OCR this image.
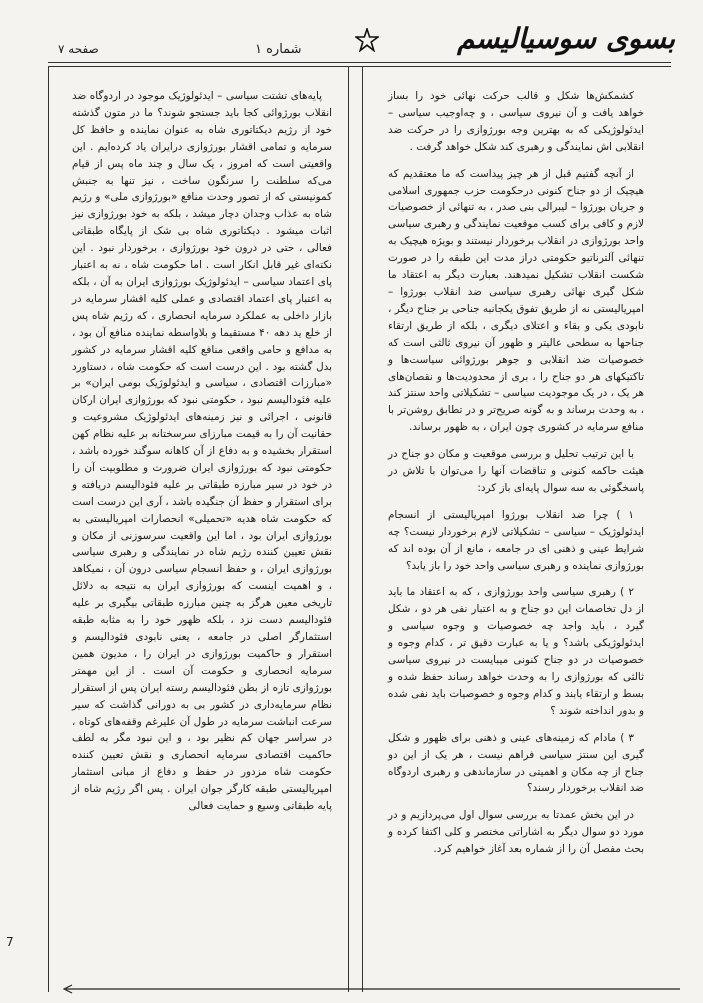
صفحه ۷	شماره ۱	بسوی سوسیالیسم
کشمکش‌ها شکل و قالب حرکت نهائی خود را بساز خواهد یافت و آن نیروی سیاسی ، و چه‌اوجیب سیاسی – ایدئولوژیکی که به بهترین وجه بورژوازی را در حرکت ضد انقلابی اش نمایندگی و رهبری کند شکل خواهد گرفت .
از آنچه گفتیم قبل از هر چیز پیداست که ما معتقدیم که هیچیک از دو جناح کنونی درحکومت حزب جمهوری اسلامی و جریان بورژوا – لیبرالی بنی صدر ، به تنهائی از خصوصیات لازم و کافی برای کسب موقعیت نمایندگی و رهبری سیاسی واحد بورژوازی در انقلاب برخوردار نیستند و بویژه هیچیک به تنهائی آلترناتیو حکومتی دراز مدت این طبقه را در صورت شکست انقلاب تشکیل نمیدهند. بعبارت دیگر به اعتقاد ما شکل گیری نهائی رهبری سیاسی ضد انقلاب بورژوا – امپریالیستی نه از طریق تفوق یکجانبه جناحی بر جناح دیگر ، نابودی یکی و بقاء و اعتلای دیگری ، بلکه از طریق ارتقاء جناحها به سطحی عالیتر و ظهور آن نیروی ثالثی است که خصوصیات ضد انقلابی و جوهر بورژوائی سیاست‌ها و تاکتیکهای هر دو جناح را ، بری از محدودیت‌ها و نقصان‌های هر یک ، در یک موجودیت سیاسی – تشکیلاتی واحد سنتز کند ، به وحدت برساند و به گونه صریح‌تر و در تطابق روشن‌تر با منافع سرمایه در کشوری چون ایران ، به ظهور برساند.
با این ترتیب تحلیل و بررسی موقعیت و مکان دو جناح در هیئت حاکمه کنونی و تناقضات آنها را می‌توان با تلاش در پاسخگوئی به سه سوال پایه‌ای باز کرد:
۱ ) چرا ضد انقلاب بورژوا امپریالیستی از انسجام ایدئولوژیک – سیاسی – تشکیلاتی لازم برخوردار نیست؟ چه شرایط عینی و ذهنی ای در جامعه ، مانع از آن بوده اند که بورژوازی نماینده و رهبری سیاسی واحد خود را باز یابد؟
۲ ) رهبری سیاسی واحد بورژوازی ، که به اعتقاد ما باید از دل تخاصمات این دو جناح و به اعتبار نفی هر دو ، شکل گیرد ، باید واجد چه خصوصیات و وجوه سیاسی و ایدئولوژیکی باشد؟ و یا به عبارت دقیق تر ، کدام وجوه و خصوصیات در دو جناح کنونی میبایست در نیروی سیاسی ثالثی که بورژوازی را به وحدت خواهد رساند حفظ شده و بسط و ارتقاء یابند و کدام وجوه و خصوصیات باید نفی شده و بدور انداخته شوند ؟
۳ ) مادام که زمینه‌های عینی و ذهنی برای ظهور و شکل گیری این سنتز سیاسی فراهم نیست ، هر یک از این دو جناح از چه مکان و اهمیتی در سازماندهی و رهبری اردوگاه ضد انقلاب برخوردار رسند؟
در این بخش عمدتا به بررسی سوال اول می‌پردازیم و در مورد دو سوال دیگر به اشاراتی مختصر و کلی اکتفا کرده و بحث مفصل آن را از شماره بعد آغاز خواهیم کرد.
پایه‌های تشتت سیاسی – ایدئولوژیک موجود در اردوگاه ضد انقلاب بورژوائی کجا باید جستجو شوند؟ ما در متون گذشته خود از رژیم دیکتاتوری شاه به عنوان نماینده و حافظ کل سرمایه و تمامی اقشار بورژوازی درایران یاد کرده‌ایم . این واقعیتی است که امروز ، یک سال و چند ماه پس از قیام می‌که سلطنت را سرنگون ساخت ، نیز تنها به جنبش کمونیستی که از تصور وحدت منافع «بورژوازی ملی» و رژیم شاه به عذاب وجدان دچار میشد ، بلکه به خود بورژوازی نیز اثبات میشود . دیکتاتوری شاه بی شک از پایگاه طبقاتی فعالی ، حتی در درون خود بورژوازی ، برخوردار نبود . این نکته‌ای غیر قابل انکار است . اما حکومت شاه ، نه به اعتبار پای اعتماد سیاسی – ایدئولوژیک بورژوازی ایران به آن ، بلکه به اعتبار پای اعتماد اقتصادی و عملی کلیه اقشار سرمایه در بازار داخلی به عملکرد سرمایه انحصاری ، که رژیم شاه پس از خلع ید دهه ۴۰ مستقیما و بلاواسطه نماینده منافع آن بود ، به مدافع و حامی واقعی منافع کلیه اقشار سرمایه در کشور بدل گشته بود . این درست است که حکومت شاه ، دستاورد «مبارزات اقتصادی ، سیاسی و ایدئولوژیک بومی ایران» بر علیه فئودالیسم نبود ، حکومتی نبود که بورژوازی ایران ارکان قانونی ، اجرائی و نیز زمینه‌های ایدئولوژیک مشروعیت و حقانیت آن را به قیمت مبارزای سرسختانه بر علیه نظام کهن استقرار بخشیده و به دفاع از آن کاهانه سوگند خورده باشد ، حکومتی نبود که بورژوازی ایران ضرورت و مطلوبیت آن را در خود در سیر مبارزه طبقاتی بر علیه فئودالیسم دریافته و برای استقرار و حفظ آن جنگیده باشد ، آری این درست است که حکومت شاه هدیه «تحمیلی» انحصارات امپریالیستی به بورژوازی ایران بود ، اما این واقعیت سرسوزنی از مکان و نقش تعیین کننده رژیم شاه در نمایندگی و رهبری سیاسی بورژوازی ایران ، و حفظ انسجام سیاسی درون آن ، نمیکاهد ، و اهمیت اینست که بورژوازی ایران به نتیجه به دلائل تاریخی معین هرگز به چنین مبارزه طبقاتی بیگیری بر علیه فئودالیسم دست نزد ، بلکه ظهور خود را به مثابه طبقه استثمارگر اصلی در جامعه ، یعنی نابودی فئودالیسم و استقرار و حاکمیت بورژوازی در ایران را ، مدیون همین سرمایه انحصاری و حکومت آن است . از این مهمتر بورژوازی تازه از بطن فئودالیسم رسته ایران پس از استقرار نظام سرمایه‌داری در کشور بی به دورانی گذاشت که سیر سرعت انباشت سرمایه در طول آن علیرغم وقفه‌های کوتاه ، در سراسر جهان کم نظیر بود ، و این نبود مگر به لطف حاکمیت اقتصادی سرمایه انحصاری و نقش تعیین کننده حکومت شاه مزدور در حفظ و دفاع از مبانی استثمار امپریالیستی طبقه کارگر جوان ایران . پس اگر رژیم شاه از پایه طبقاتی وسیع و حمایت فعالی
7
